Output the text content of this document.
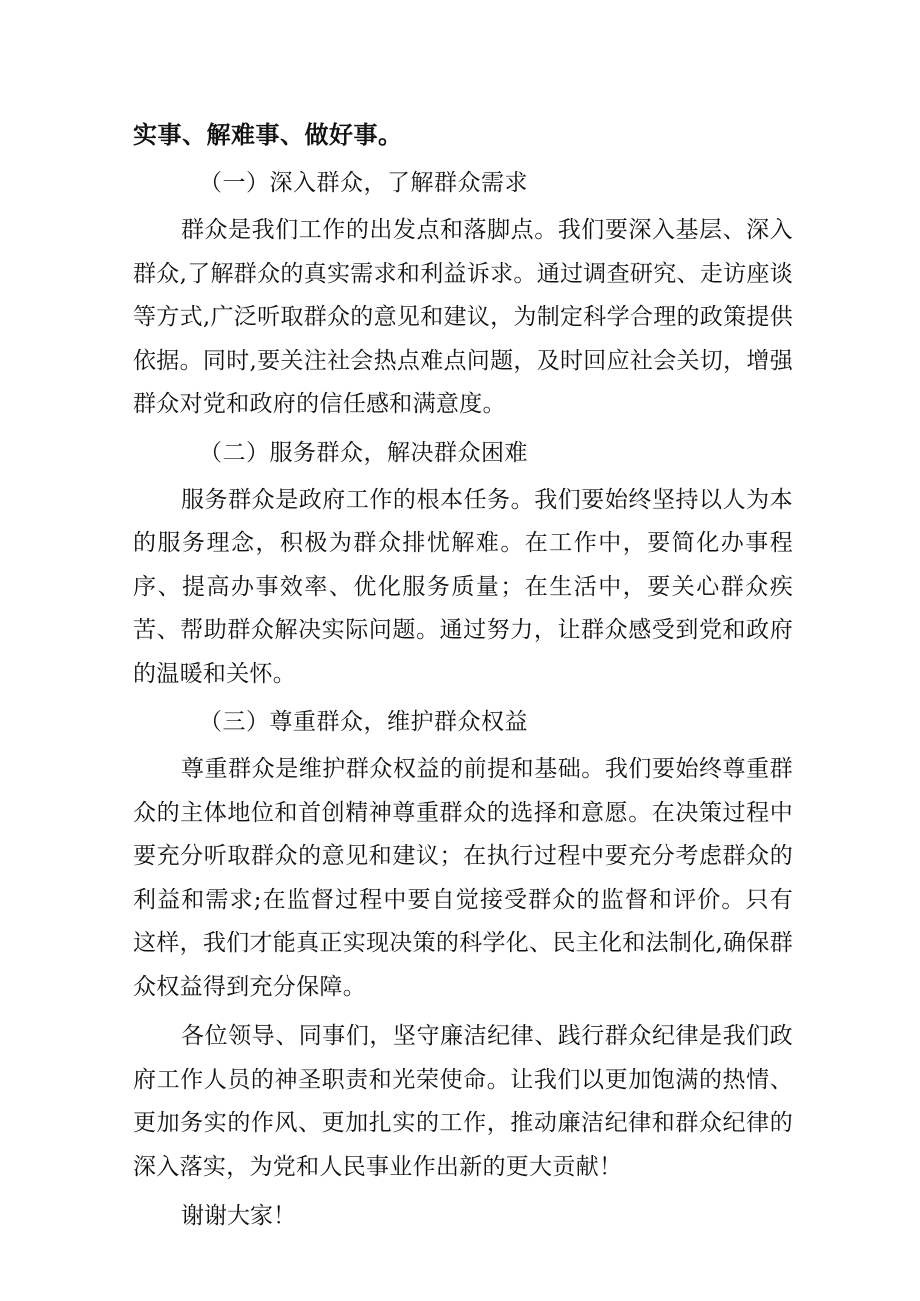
实事、解难事、做好事。

（一）深入群众，了解群众需求

群众是我们工作的出发点和落脚点。我们要深入基层、深入群众,了解群众的真实需求和利益诉求。通过调查研究、走访座谈等方式,广泛听取群众的意见和建议，为制定科学合理的政策提供依据。同时,要关注社会热点难点问题，及时回应社会关切，增强群众对党和政府的信任感和满意度。

（二）服务群众，解决群众困难

服务群众是政府工作的根本任务。我们要始终坚持以人为本的服务理念，积极为群众排忧解难。在工作中，要简化办事程序、提高办事效率、优化服务质量；在生活中，要关心群众疾苦、帮助群众解决实际问题。通过努力，让群众感受到党和政府的温暖和关怀。

（三）尊重群众，维护群众权益

尊重群众是维护群众权益的前提和基础。我们要始终尊重群众的主体地位和首创精神尊重群众的选择和意愿。在决策过程中要充分听取群众的意见和建议；在执行过程中要充分考虑群众的利益和需求;在监督过程中要自觉接受群众的监督和评价。只有这样，我们才能真正实现决策的科学化、民主化和法制化,确保群众权益得到充分保障。

各位领导、同事们，坚守廉洁纪律、践行群众纪律是我们政府工作人员的神圣职责和光荣使命。让我们以更加饱满的热情、更加务实的作风、更加扎实的工作，推动廉洁纪律和群众纪律的深入落实，为党和人民事业作出新的更大贡献！

谢谢大家！
